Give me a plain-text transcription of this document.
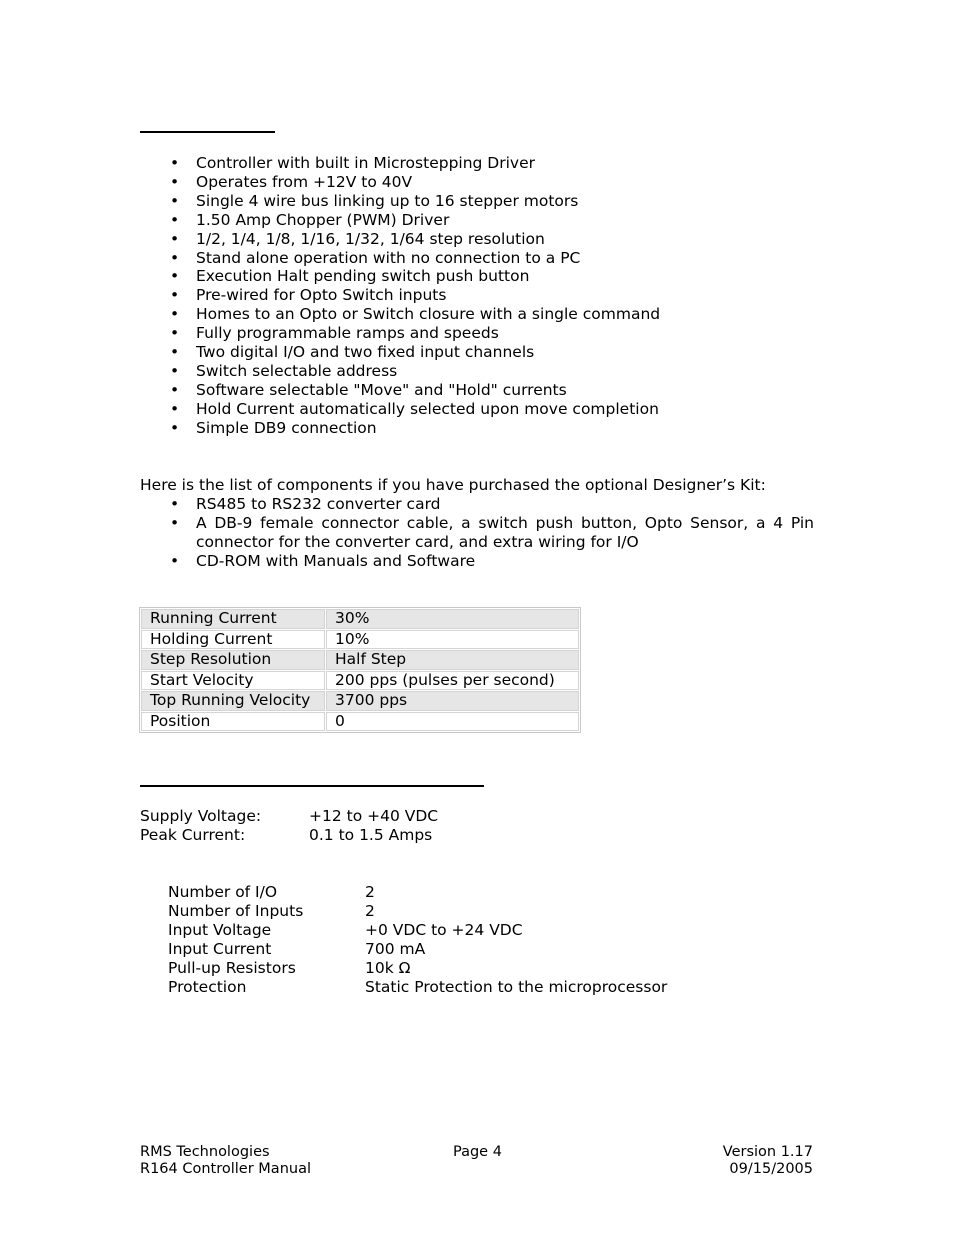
• Controller with built in Microstepping Driver
• Operates from +12V to 40V
• Single 4 wire bus linking up to 16 stepper motors
• 1.50 Amp Chopper (PWM) Driver
• 1/2, 1/4, 1/8, 1/16, 1/32, 1/64 step resolution
• Stand alone operation with no connection to a PC
• Execution Halt pending switch push button
• Pre-wired for Opto Switch inputs
• Homes to an Opto or Switch closure with a single command
• Fully programmable ramps and speeds
• Two digital I/O and two fixed input channels
• Switch selectable address
• Software selectable "Move" and "Hold" currents
• Hold Current automatically selected upon move completion
• Simple DB9 connection
Here is the list of components if you have purchased the optional Designer’s Kit:
• RS485 to RS232 converter card
• A DB-9 female connector cable, a switch push button, Opto Sensor, a 4 Pin connector for the converter card, and extra wiring for I/O
• CD-ROM with Manuals and Software
Running Current	30%
Holding Current	10%
Step Resolution	Half Step
Start Velocity	200 pps (pulses per second)
Top Running Velocity	3700 pps
Position	0
Supply Voltage:	+12 to +40 VDC
Peak Current:	0.1 to 1.5 Amps
Number of I/O	2
Number of Inputs	2
Input Voltage	+0 VDC to +24 VDC
Input Current	700 mA
Pull-up Resistors	10k Ω
Protection	Static Protection to the microprocessor
RMS Technologies
R164 Controller Manual
Page 4	Version 1.17
09/15/2005
